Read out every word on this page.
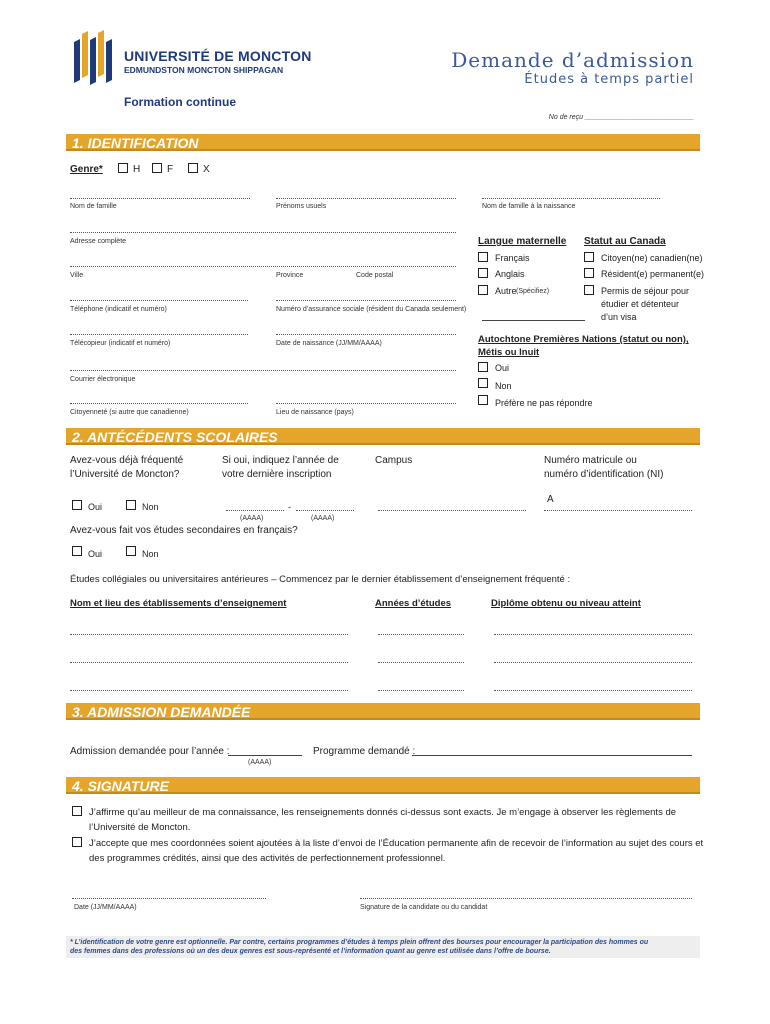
UNIVERSITÉ DE MONCTON
EDMUNDSTON MONCTON SHIPPAGAN
Formation continue
Demande d’admission
Études à temps partiel
No de reçu ____________________________
1. IDENTIFICATION
Genre*	H	F	X
Nom de famille	Prénoms usuels	Nom de famille à la naissance
Adresse complète
Ville	Province	Code postal
Téléphone (indicatif et numéro)	Numéro d’assurance sociale (résident du Canada seulement)
Télécopieur (indicatif et numéro)	Date de naissance (JJ/MM/AAAA)
Courrier électronique
Citoyenneté (si autre que canadienne)	Lieu de naissance (pays)
Langue maternelle
Français
Anglais
Autre (Spécifiez)
Statut au Canada
Citoyen(ne) canadien(ne)
Résident(e) permanent(e)
Permis de séjour pour
étudier et détenteur
d’un visa
Autochtone Premières Nations (statut ou non),
Métis ou Inuit
Oui
Non
Préfère ne pas répondre
2. ANTÉCÉDENTS SCOLAIRES
Avez-vous déjà fréquenté
l’Université de Moncton?
Si oui, indiquez l’année de
votre dernière inscription
Campus	Numéro matricule ou
numéro d’identification (NI)
Oui	Non	-
(AAAA)	(AAAA)
A
Avez-vous fait vos études secondaires en français?
Oui	Non
Études collégiales ou universitaires antérieures – Commencez par le dernier établissement d’enseignement fréquenté :
Nom et lieu des établissements d’enseignement	Années d’études	Diplôme obtenu ou niveau atteint
3. ADMISSION DEMANDÉE
Admission demandée pour l’année :
(AAAA)
Programme demandé :
4. SIGNATURE
J’affirme qu’au meilleur de ma connaissance, les renseignements donnés ci-dessus sont exacts. Je m’engage à observer les règlements de
l’Université de Moncton.
J’accepte que mes coordonnées soient ajoutées à la liste d’envoi de l’Éducation permanente afin de recevoir de l’information au sujet des cours et
des programmes crédités, ainsi que des activités de perfectionnement professionnel.
Date (JJ/MM/AAAA)	Signature de la candidate ou du candidat
* L’identification de votre genre est optionnelle. Par contre, certains programmes d’études à temps plein offrent des bourses pour encourager la participation des hommes ou
des femmes dans des professions où un des deux genres est sous-représenté et l’information quant au genre est utilisée dans l’offre de bourse.
